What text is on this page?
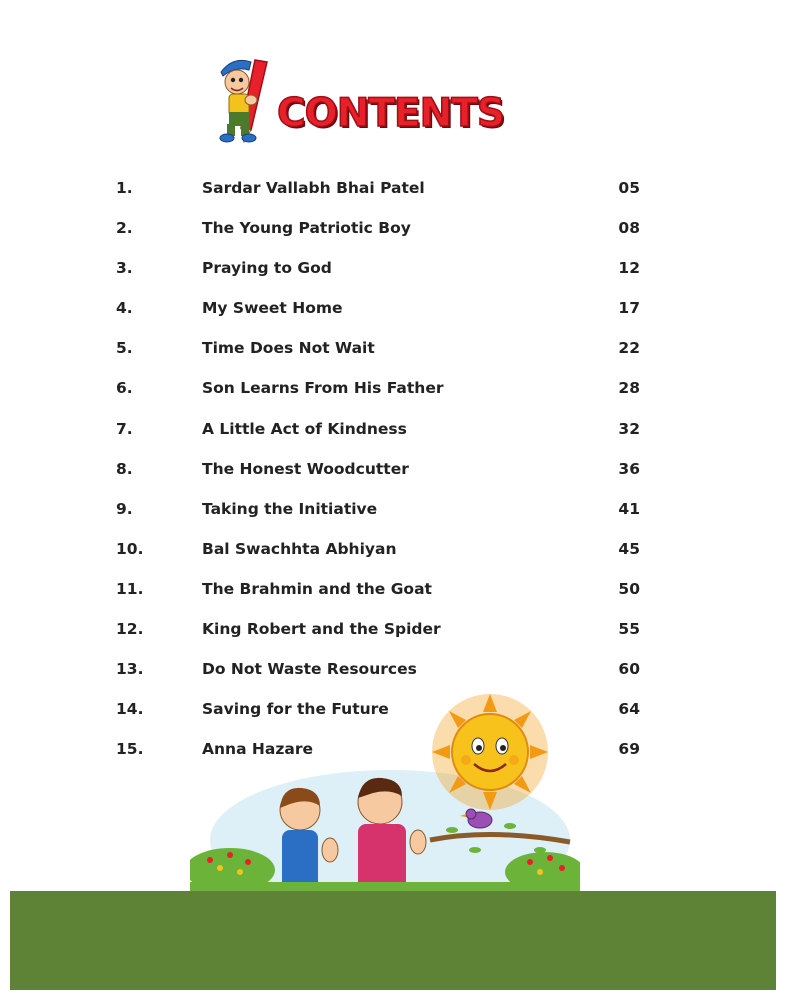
CONTENTS
1.	Sardar Vallabh Bhai Patel	05
2.	The Young Patriotic Boy	08
3.	Praying to God	12
4.	My Sweet Home	17
5.	Time Does Not Wait	22
6.	Son Learns From His Father	28
7.	A Little Act of Kindness	32
8.	The Honest Woodcutter	36
9.	Taking the Initiative	41
10.	Bal Swachhta Abhiyan	45
11.	The Brahmin and the Goat	50
12.	King Robert and the Spider	55
13.	Do Not Waste Resources	60
14.	Saving for the Future	64
15.	Anna Hazare	69
